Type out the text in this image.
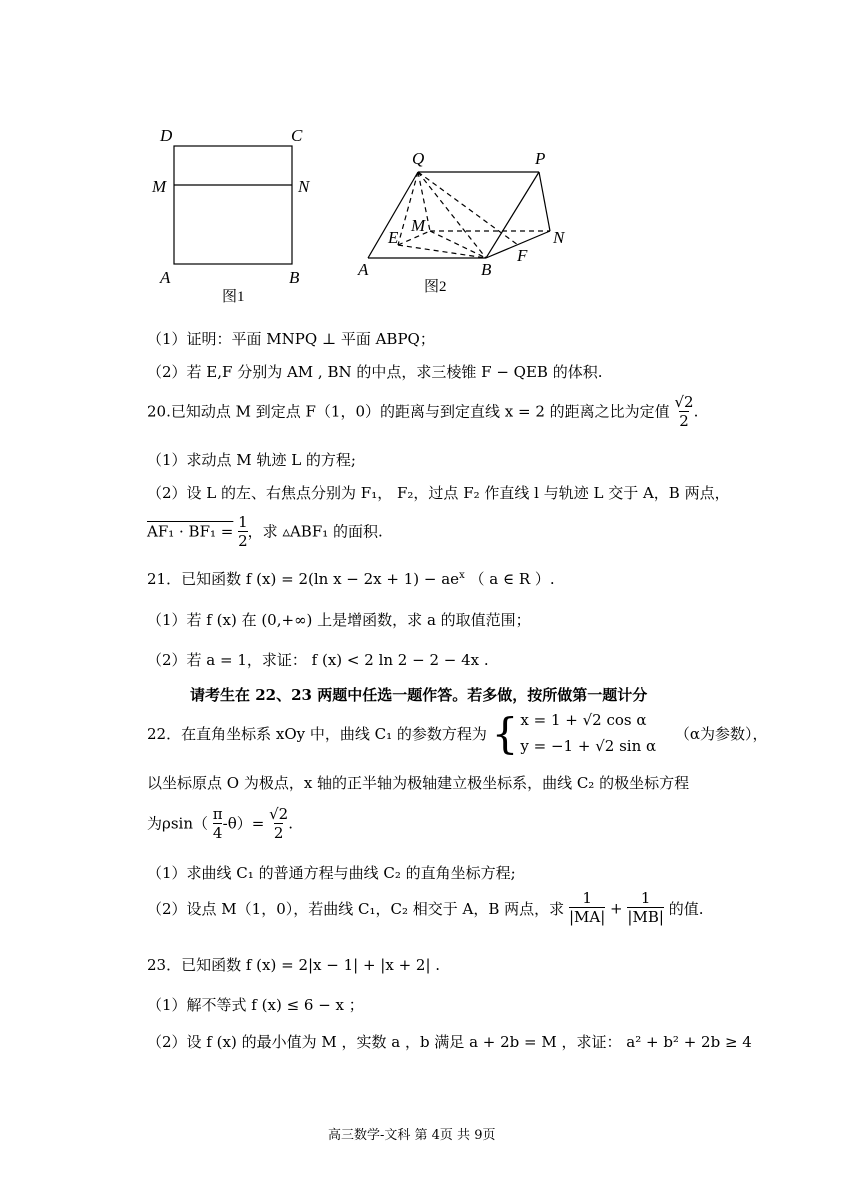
D	C
M	N
A	B
图1
Q	P
M
E	N
A	B
F
图2
（1）证明：平面 MNPQ ⊥ 平面 ABPQ；
（2）若 E,F 分别为 AM , BN 的中点，求三棱锥 F − QEB 的体积.
20.已知动点 M 到定点 F（1，0）的距离与到定直线 x = 2 的距离之比为定值 $\frac{√2}{2}$ .
（1）求动点 M 轨迹 L 的方程;
（2）设 L 的左、右焦点分别为 F₁， F₂，过点 F₂ 作直线 l 与轨迹 L 交于 A，B 两点，
$AF_1 \cdot BF_1 = \frac{1}{2}$ ，求 ▵ABF₁ 的面积.
21．已知函数 f (x) = 2(ln $x - 2x + 1) - ae^x$ （ a ∈ R ）.
（1）若 f (x) 在 (0,+∞) 上是增函数，求 a 的取值范围；
（2）若 a = 1，求证： f (x) < 2 ln 2 − 2 − 4x .
请考生在 22、23 两题中任选一题作答。若多做，按所做第一题计分
22．在直角坐标系 xOy 中，曲线 C₁ 的参数方程为 { x = 1 + √2 cos α
y = −1 + √2 sin α
（α为参数），
以坐标原点 O 为极点，x 轴的正半轴为极轴建立极坐标系，曲线 C₂ 的极坐标方程
为$\rho\sin( \frac{\pi}{4} -\theta)= \frac{√2}{2}$ .
（1）求曲线 C₁ 的普通方程与曲线 C₂ 的直角坐标方程;
（2）设点 M（1，0），若曲线 C₁，C₂ 相交于 A，B 两点，求 $\frac{1}{|MA|} + \frac{1}{|MB|}$ 的值.
23．已知函数 f (x) = 2|x − 1| + |x + 2| .
（1）解不等式 f (x) ≤ 6 − x ；
（2）设 f (x) 的最小值为 M ，实数 a ，b 满足 a + 2b = M ，求证： a² + b² + 2b ≥ 4
高三数学-文科 第 4页 共 9页
